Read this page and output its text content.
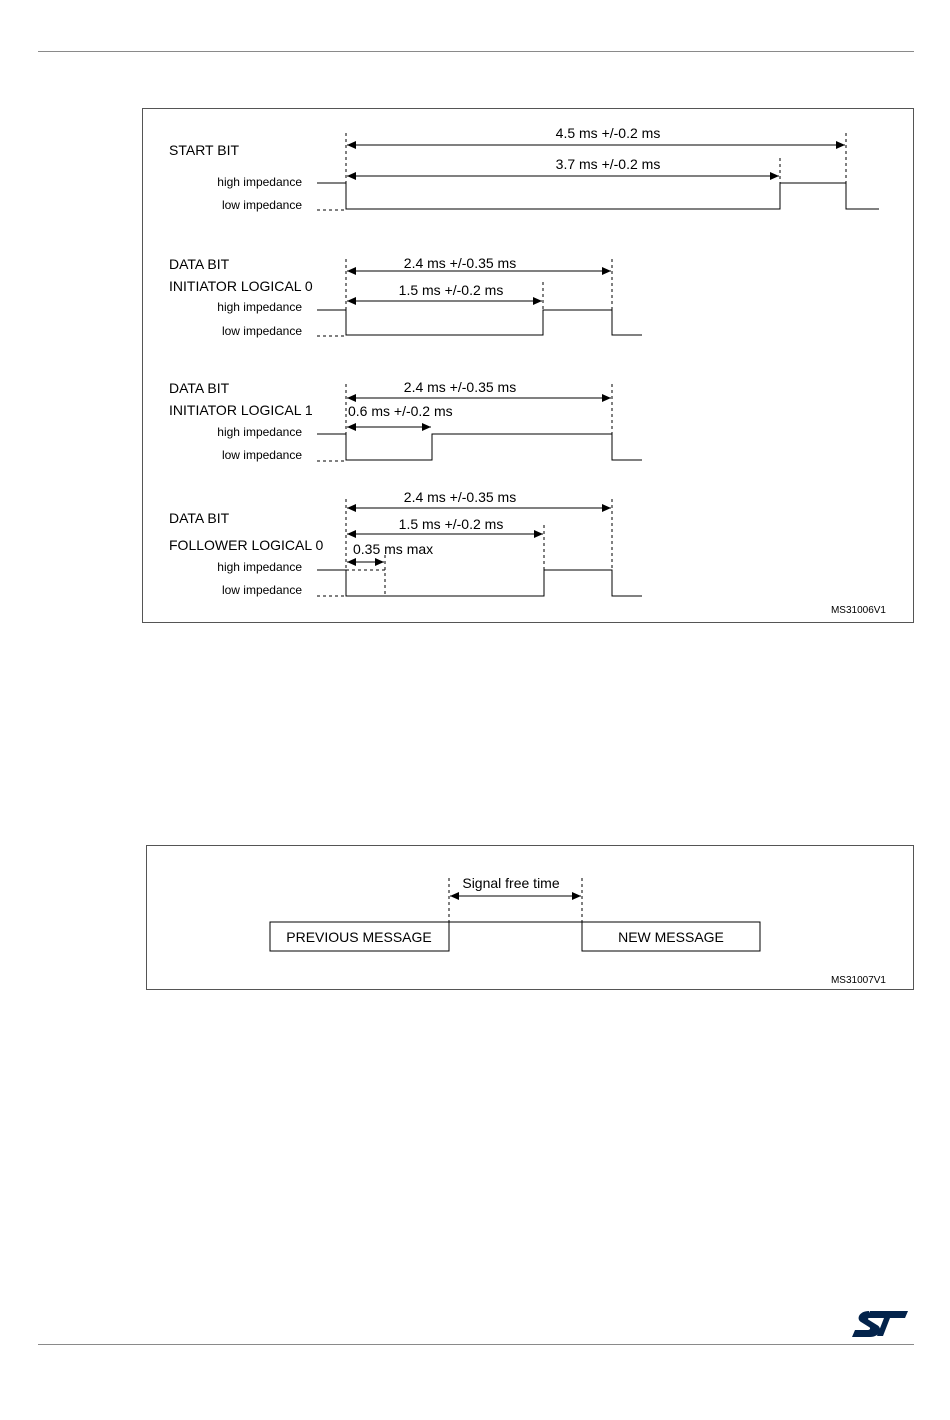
START BIT
high impedance
low impedance
4.5 ms +/-0.2 ms
3.7 ms +/-0.2 ms
DATA BIT
INITIATOR LOGICAL 0
high impedance
low impedance
2.4 ms +/-0.35 ms
1.5 ms +/-0.2 ms
DATA BIT
INITIATOR LOGICAL 1
high impedance
low impedance
2.4 ms +/-0.35 ms
0.6 ms +/-0.2 ms
DATA BIT
FOLLOWER LOGICAL 0
high impedance
low impedance
2.4 ms +/-0.35 ms
1.5 ms +/-0.2 ms
0.35 ms max
MS31006V1
PREVIOUS MESSAGE	NEW MESSAGE
Signal free time
MS31007V1
